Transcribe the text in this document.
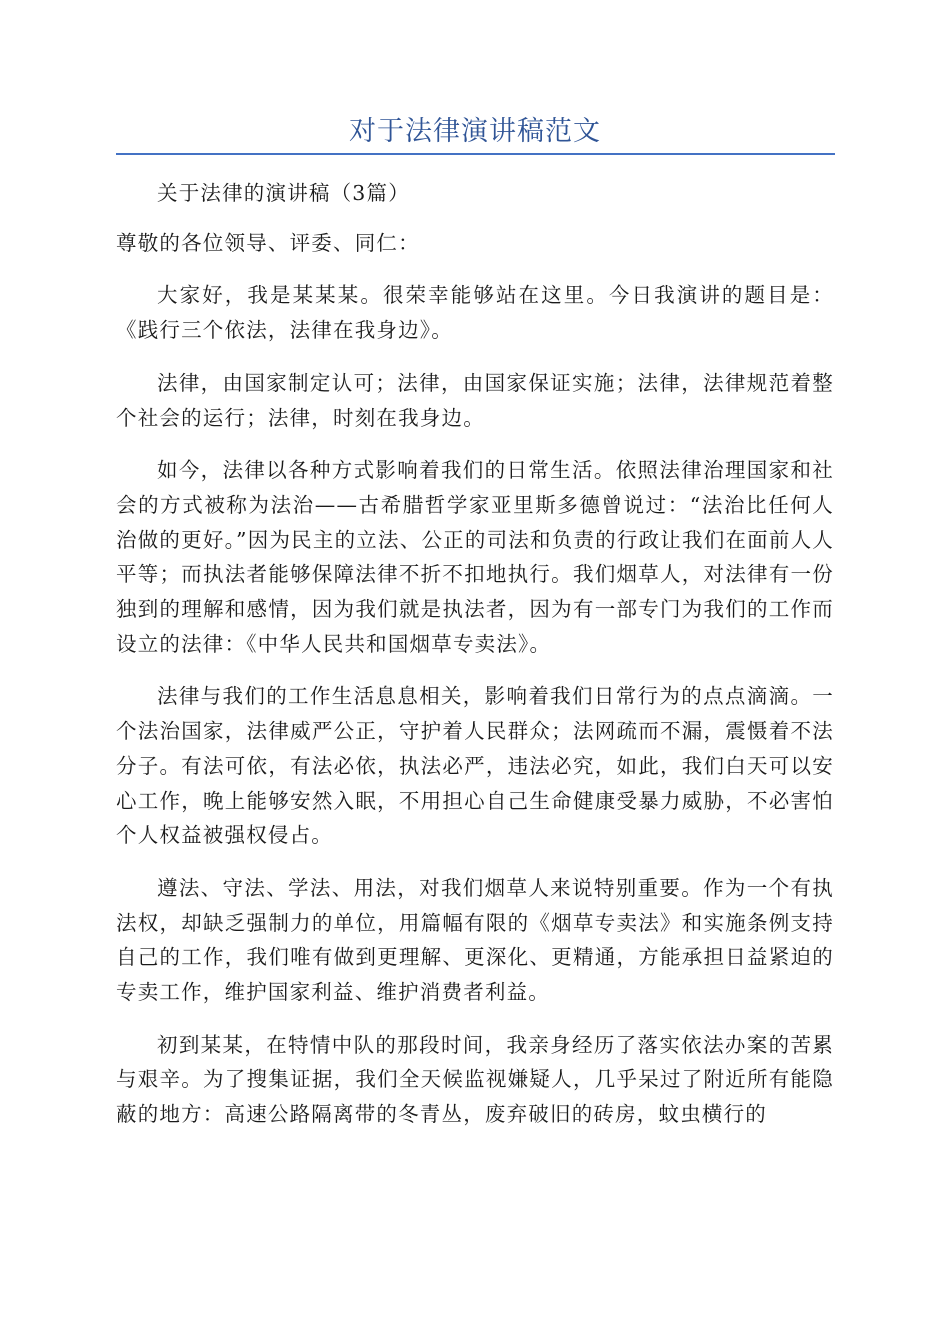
对于法律演讲稿范文

关于法律的演讲稿（3篇）

尊敬的各位领导、评委、同仁：

大家好，我是某某某。很荣幸能够站在这里。今日我演讲的题目是：《践行三个依法，法律在我身边》。

法律，由国家制定认可；法律，由国家保证实施；法律，法律规范着整个社会的运行；法律，时刻在我身边。

如今，法律以各种方式影响着我们的日常生活。依照法律治理国家和社会的方式被称为法治——古希腊哲学家亚里斯多德曾说过：“法治比任何人治做的更好。”因为民主的立法、公正的司法和负责的行政让我们在面前人人平等；而执法者能够保障法律不折不扣地执行。我们烟草人，对法律有一份独到的理解和感情，因为我们就是执法者，因为有一部专门为我们的工作而设立的法律：《中华人民共和国烟草专卖法》。

法律与我们的工作生活息息相关，影响着我们日常行为的点点滴滴。一个法治国家，法律威严公正，守护着人民群众；法网疏而不漏，震慑着不法分子。有法可依，有法必依，执法必严，违法必究，如此，我们白天可以安心工作，晚上能够安然入眠，不用担心自己生命健康受暴力威胁，不必害怕个人权益被强权侵占。

遵法、守法、学法、用法，对我们烟草人来说特别重要。作为一个有执法权，却缺乏强制力的单位，用篇幅有限的《烟草专卖法》和实施条例支持自己的工作，我们唯有做到更理解、更深化、更精通，方能承担日益紧迫的专卖工作，维护国家利益、维护消费者利益。

初到某某，在特情中队的那段时间，我亲身经历了落实依法办案的苦累与艰辛。为了搜集证据，我们全天候监视嫌疑人，几乎呆过了附近所有能隐蔽的地方：高速公路隔离带的冬青丛，废弃破旧的砖房，蚊虫横行的
